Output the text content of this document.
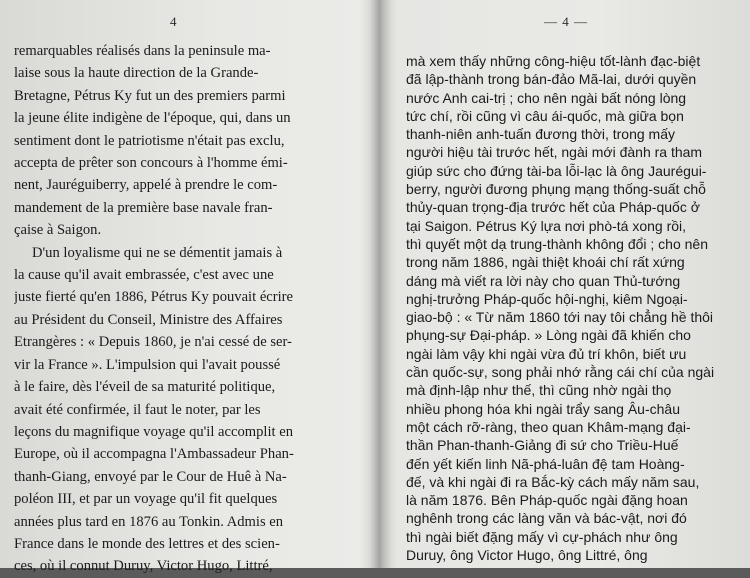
4
remarquables réalisés dans la peninsule ma-
laise sous la haute direction de la Grande-
Bretagne, Pétrus Ky fut un des premiers parmi
la jeune élite indigène de l'époque, qui, dans un
sentiment dont le patriotisme n'était pas exclu,
accepta de prêter son concours à l'homme émi-
nent, Jauréguiberry, appelé à prendre le com-
mandement de la première base navale fran-
çaise à Saigon.
D'un loyalisme qui ne se démentit jamais à
la cause qu'il avait embrassée, c'est avec une
juste fierté qu'en 1886, Pétrus Ky pouvait écrire
au Président du Conseil, Ministre des Affaires
Etrangères : « Depuis 1860, je n'ai cessé de ser-
vir la France ». L'impulsion qui l'avait poussé
à le faire, dès l'éveil de sa maturité politique,
avait été confirmée, il faut le noter, par les
leçons du magnifique voyage qu'il accomplit en
Europe, où il accompagna l'Ambassadeur Phan-
thanh-Giang, envoyé par le Cour de Huê à Na-
poléon III, et par un voyage qu'il fit quelques
années plus tard en 1876 au Tonkin. Admis en
France dans le monde des lettres et des scien-
ces, où il connut Duruy, Victor Hugo, Littré,
— 4 —
mà xem thấy những công-hiệu tốt-lành đạc-biệt
đã lập-thành trong bán-đảo Mã-lai, dưới quyền
nước Anh cai-trị ; cho nên ngài bất nóng lòng
tức chí, rồi cũng vì câu ái-quốc, mà giữa bọn
thanh-niên anh-tuấn đương thời, trong mấy
người hiệu tài trước hết, ngài mới đành ra tham
giúp sức cho đứng tài-ba lỗi-lạc là ông Jauréguі-
berry, người đương phụng mạng thống-suất chỗ
thủy-quan trọng-địa trước hết của Pháp-quốc ở
tại Saigon. Pétrus Ký lựa nơi phò-tá xong rồi,
thì quyết một dạ trung-thành không đổi ; cho nên
trong năm 1886, ngài thiệt khoái chí rất xứng
dáng mà viết ra lời này cho quan Thủ-tướng
nghị-trưởng Pháp-quốc hội-nghị, kiêm Ngoại-
giao-bộ : « Từ năm 1860 tới nay tôi chẳng hề thôi
phụng-sự Đại-pháp. » Lòng ngài đã khiến cho
ngài làm vậy khi ngài vừa đủ trí khôn, biết ưu
cần quốc-sự, song phải nhớ rằng cái chí của ngài
mà định-lập như thế, thì cũng nhờ ngài thọ
nhiều phong hóa khi ngài trẩy sang Âu-châu
một cách rỡ-ràng, theo quan Khâm-mạng đại-
thần Phan-thanh-Giảng đi sứ cho Triều-Huế
đến yết kiến linh Nã-phá-luân đệ tam Hoàng-
đế, và khi ngài đi ra Bắc-kỳ cách mấy năm sau,
là năm 1876. Bên Pháp-quốc ngài đặng hoan
nghênh trong các làng văn và bác-vật, nơi đó
thì ngài biết đặng mấy vì cự-phách như ông
Duruy, ông Victor Hugo, ông Littré, ông
